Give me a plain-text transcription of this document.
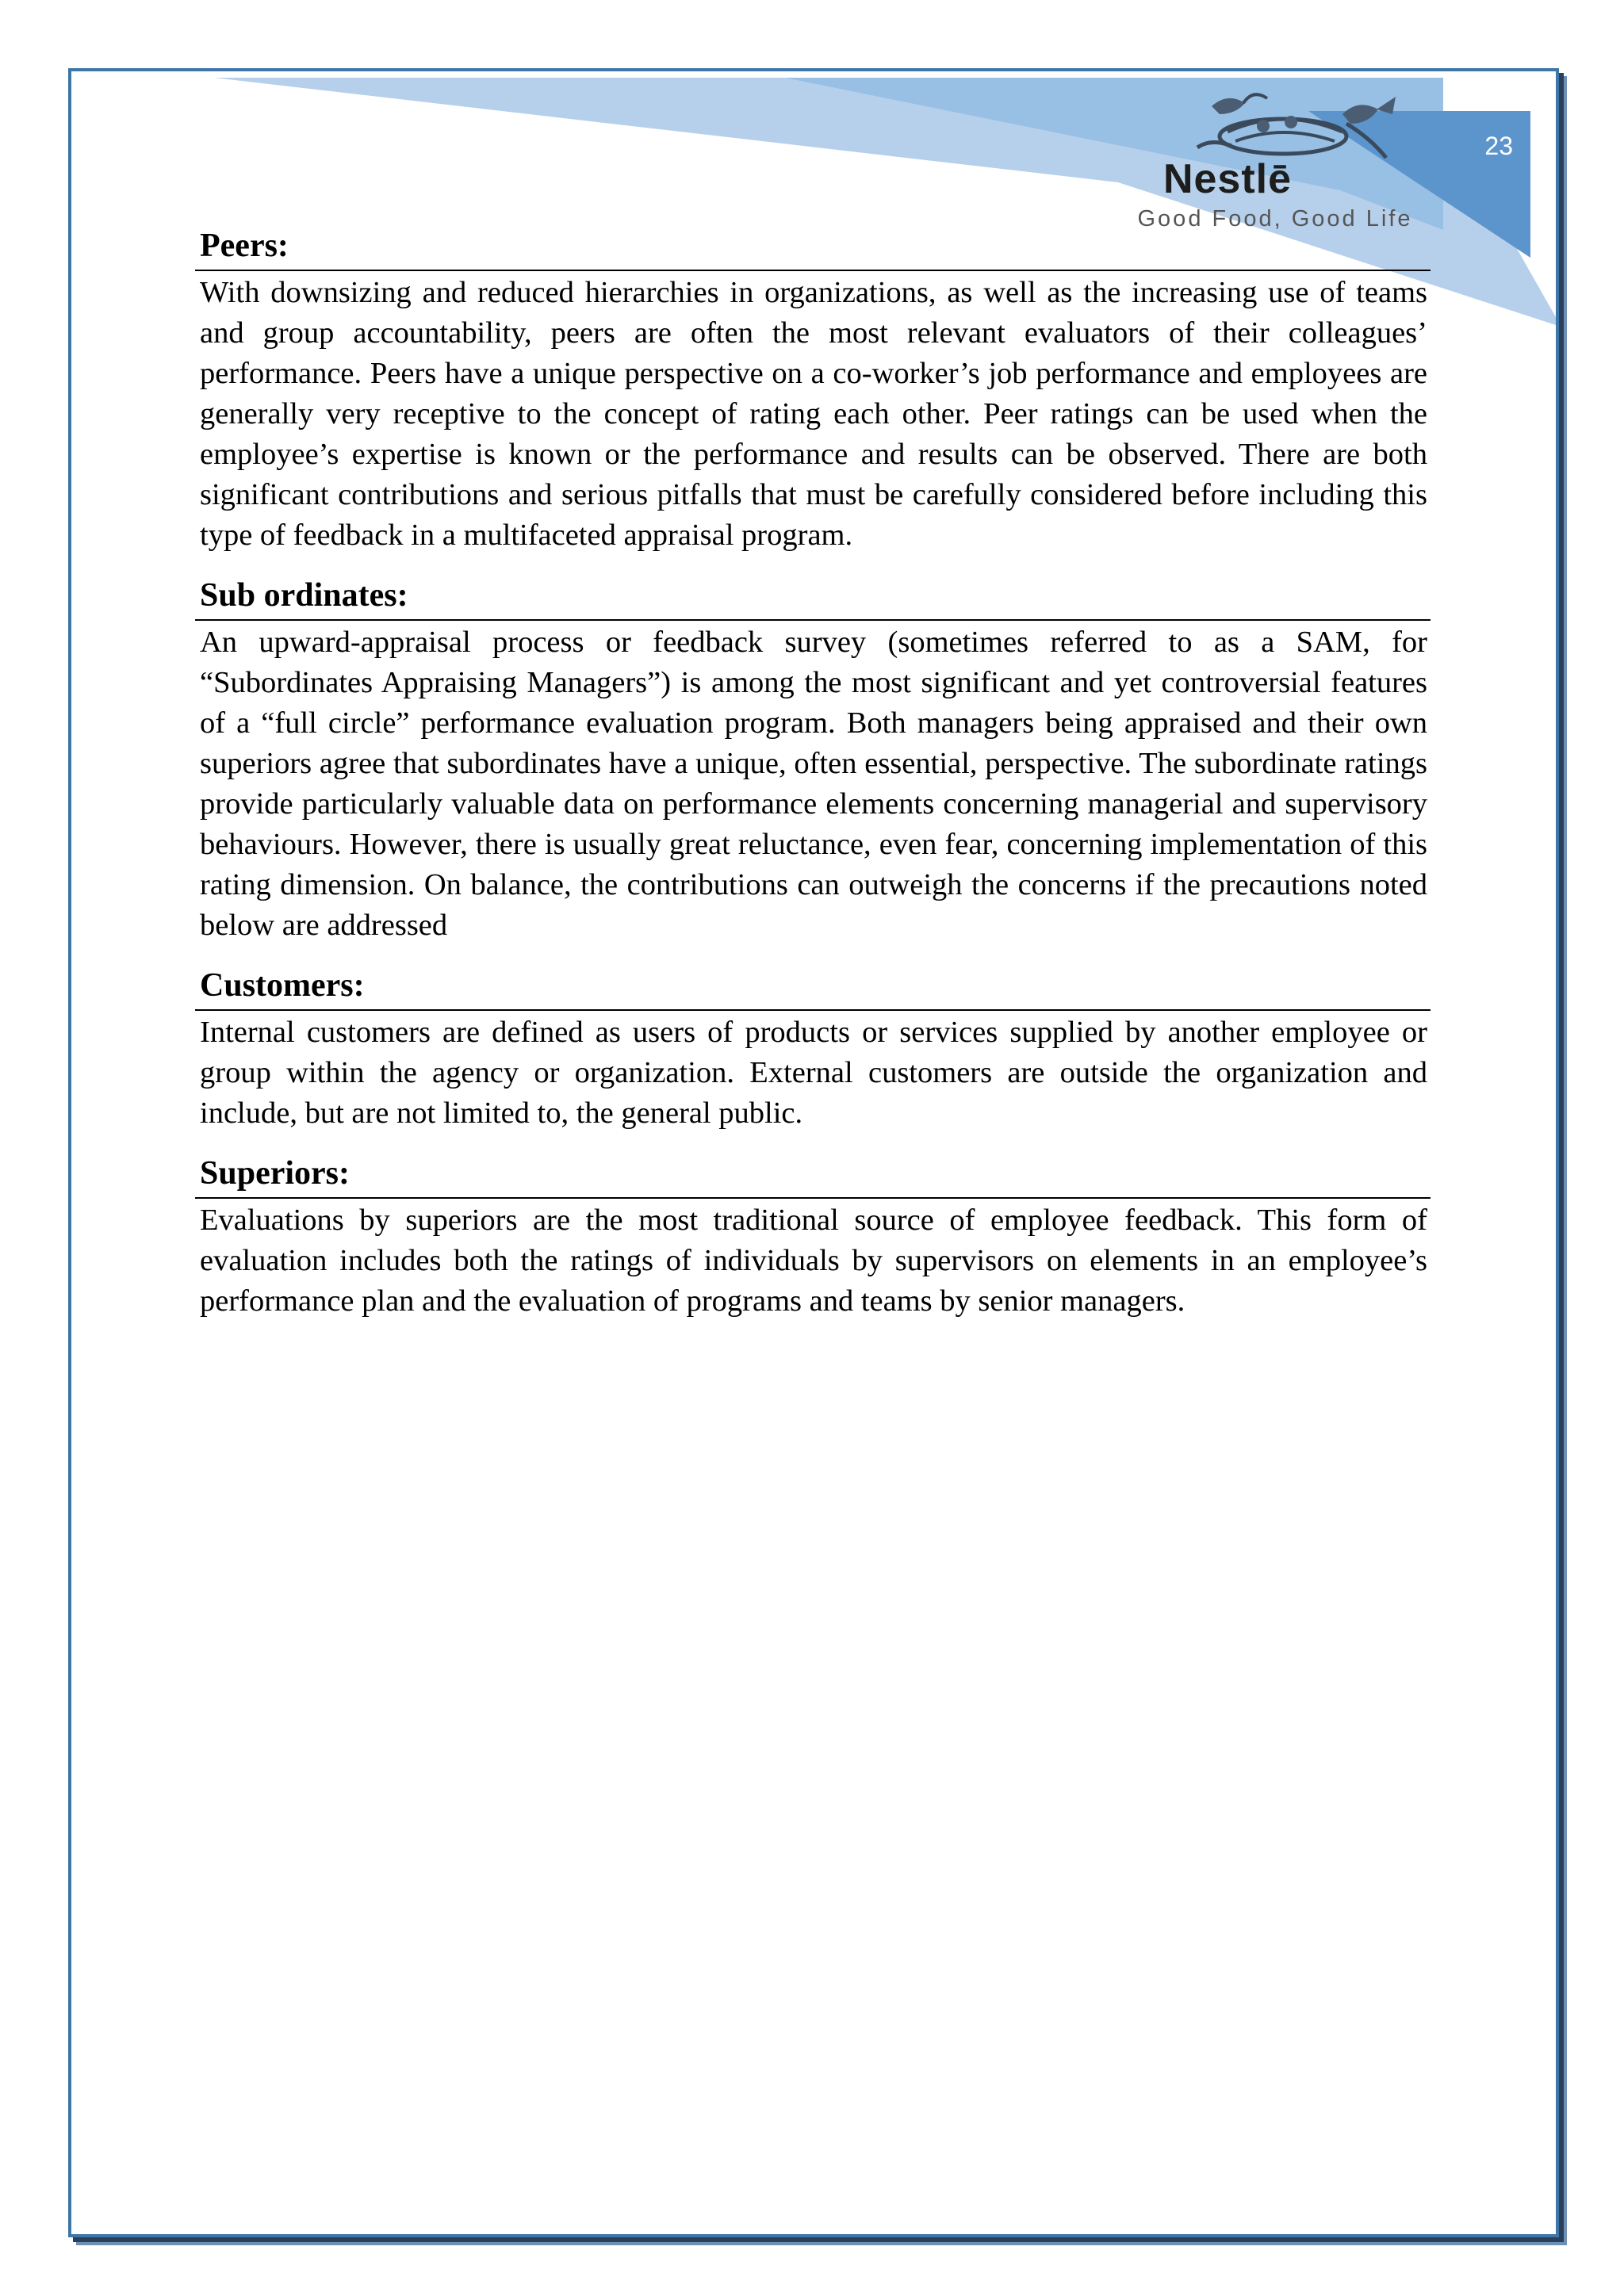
23
Nestlē
Good Food, Good Life
Peers:

With downsizing and reduced hierarchies in organizations, as well as the increasing use of teams and group accountability, peers are often the most relevant evaluators of their colleagues’ performance. Peers have a unique perspective on a co-worker’s job performance and employees are generally very receptive to the concept of rating each other. Peer ratings can be used when the employee’s expertise is known or the performance and results can be observed. There are both significant contributions and serious pitfalls that must be carefully considered before including this type of feedback in a multifaceted appraisal program.

Sub ordinates:

An upward-appraisal process or feedback survey (sometimes referred to as a SAM, for “Subordinates Appraising Managers”) is among the most significant and yet controversial features of a “full circle” performance evaluation program. Both managers being appraised and their own superiors agree that subordinates have a unique, often essential, perspective. The subordinate ratings provide particularly valuable data on performance elements concerning managerial and supervisory behaviours. However, there is usually great reluctance, even fear, concerning implementation of this rating dimension. On balance, the contributions can outweigh the concerns if the precautions noted below are addressed

Customers:

Internal customers are defined as users of products or services supplied by another employee or group within the agency or organization. External customers are outside the organization and include, but are not limited to, the general public.

Superiors:

Evaluations by superiors are the most traditional source of employee feedback. This form of evaluation includes both the ratings of individuals by supervisors on elements in an employee’s performance plan and the evaluation of programs and teams by senior managers.
